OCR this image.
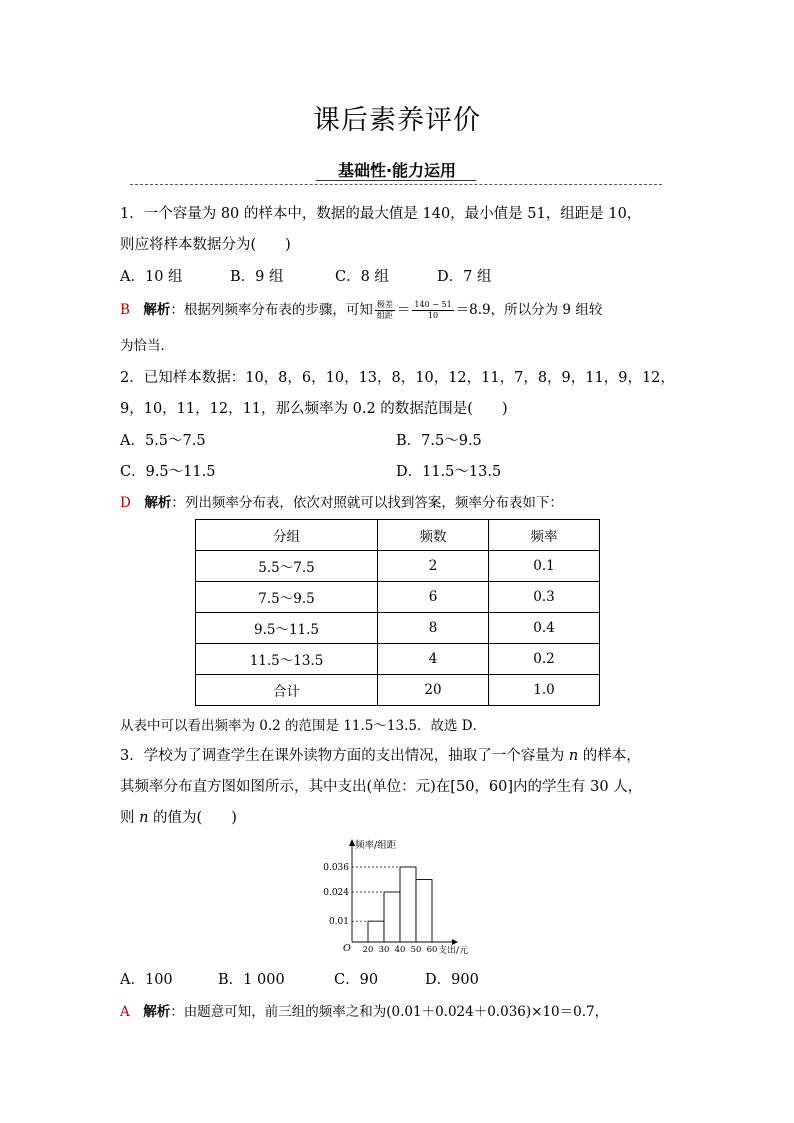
课后素养评价
基础性·能力运用
1．一个容量为 80 的样本中，数据的最大值是 140，最小值是 51，组距是 10，
则应将样本数据分为(　　)
A．10 组	B．9 组	C．8 组	D．7 组
B　 解析：根据列频率分布表的步骤，可知 $\frac{\text{极差}}{\text{组距}} = \frac{140 - 51}{10} =8.9$，所以分为 9 组较
为恰当．
2．已知样本数据：10，8，6，10，13，8，10，12，11，7，8，9，11，9，12，
9，10，11，12，11，那么频率为 0.2 的数据范围是(　　)
A．5.5～7.5	B．7.5～9.5
C．9.5～11.5	D．11.5～13.5
D　 解析：列出频率分布表，依次对照就可以找到答案，频率分布表如下：
分组	频数	频率
5.5～7.5	2	0.1
7.5～9.5	6	0.3
9.5～11.5	8	0.4
11.5～13.5	4	0.2
合计	20	1.0
从表中可以看出频率为 0.2 的范围是 11.5～13.5．故选 D．
3．学校为了调查学生在课外读物方面的支出情况，抽取了一个容量为 n 的样本，
其频率分布直方图如图所示，其中支出(单位：元)在[50，60]内的学生有 30 人，
则 n 的值为(　　)
频率/组距
0.01
0.024
0.036
O 20 30 40 50 60 支出/元
A．100	B．1 000	C．90	D．900
A　 解析：由题意可知，前三组的频率之和为(0.01＋0.024＋0.036)×10＝0.7，
